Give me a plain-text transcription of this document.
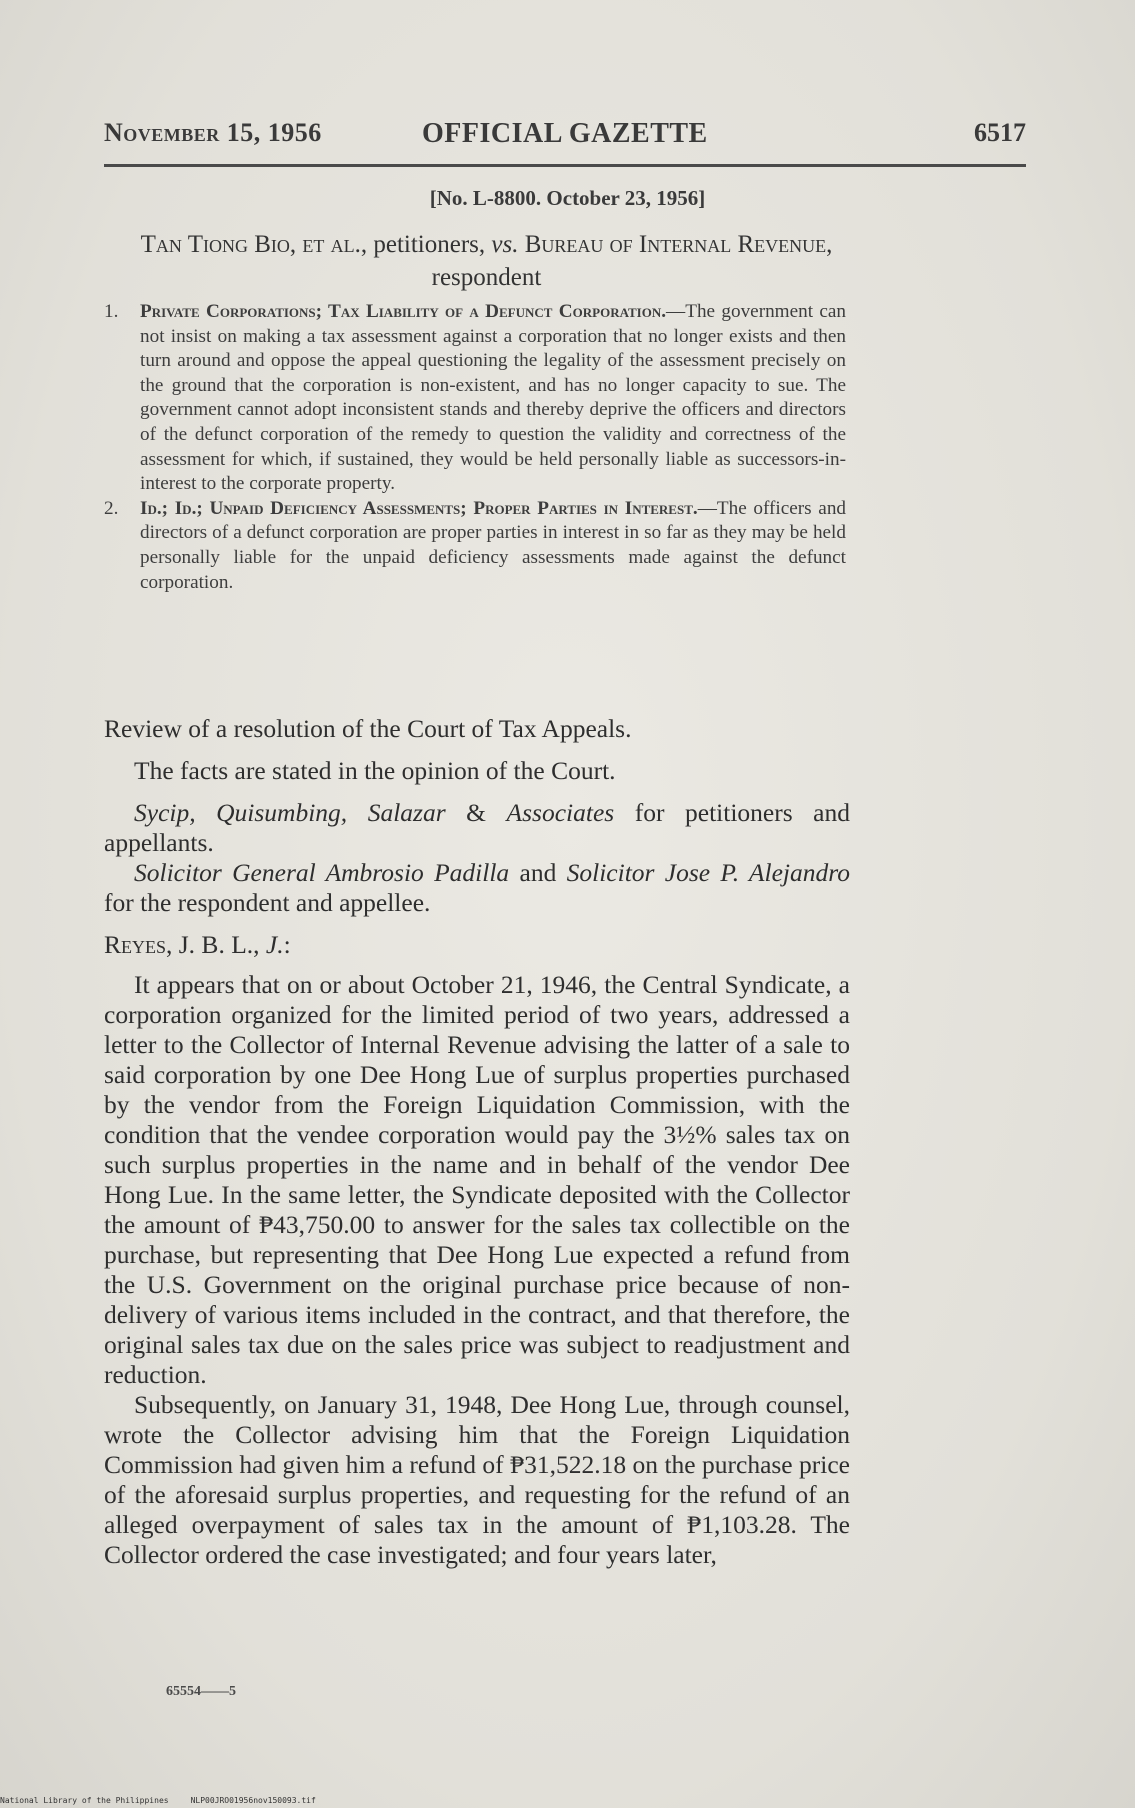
November 15, 1956	OFFICIAL GAZETTE	6517
[No. L-8800. October 23, 1956]
Tan Tiong Bio, et al., petitioners, vs. Bureau of Internal Revenue, respondent

1. Private Corporations; Tax Liability of a Defunct Corporation.—The government can not insist on making a tax assessment against a corporation that no longer exists and then turn around and oppose the appeal questioning the legality of the assessment precisely on the ground that the corporation is non-existent, and has no longer capacity to sue. The government cannot adopt inconsistent stands and thereby deprive the officers and directors of the defunct corporation of the remedy to question the validity and correctness of the assessment for which, if sustained, they would be held personally liable as successors-in-interest to the corporate property.

2. Id.; Id.; Unpaid Deficiency Assessments; Proper Parties in Interest.—The officers and directors of a defunct corporation are proper parties in interest in so far as they may be held personally liable for the unpaid deficiency assessments made against the defunct corporation.

Review of a resolution of the Court of Tax Appeals.

The facts are stated in the opinion of the Court.

Sycip, Quisumbing, Salazar & Associates for petitioners and appellants.

Solicitor General Ambrosio Padilla and Solicitor Jose P. Alejandro for the respondent and appellee.

Reyes, J. B. L., J.:

It appears that on or about October 21, 1946, the Central Syndicate, a corporation organized for the limited period of two years, addressed a letter to the Collector of Internal Revenue advising the latter of a sale to said corporation by one Dee Hong Lue of surplus properties purchased by the vendor from the Foreign Liquidation Commission, with the condition that the vendee corporation would pay the 3½% sales tax on such surplus properties in the name and in behalf of the vendor Dee Hong Lue. In the same letter, the Syndicate deposited with the Collector the amount of ₱43,750.00 to answer for the sales tax collectible on the purchase, but representing that Dee Hong Lue expected a refund from the U.S. Government on the original purchase price because of non-delivery of various items included in the contract, and that therefore, the original sales tax due on the sales price was subject to readjustment and reduction.

Subsequently, on January 31, 1948, Dee Hong Lue, through counsel, wrote the Collector advising him that the Foreign Liquidation Commission had given him a refund of ₱31,522.18 on the purchase price of the aforesaid surplus properties, and requesting for the refund of an alleged overpayment of sales tax in the amount of ₱1,103.28. The Collector ordered the case investigated; and four years later,

65554——5
National Library of the Philippines	NLP00JRO01956nov150093.tif
